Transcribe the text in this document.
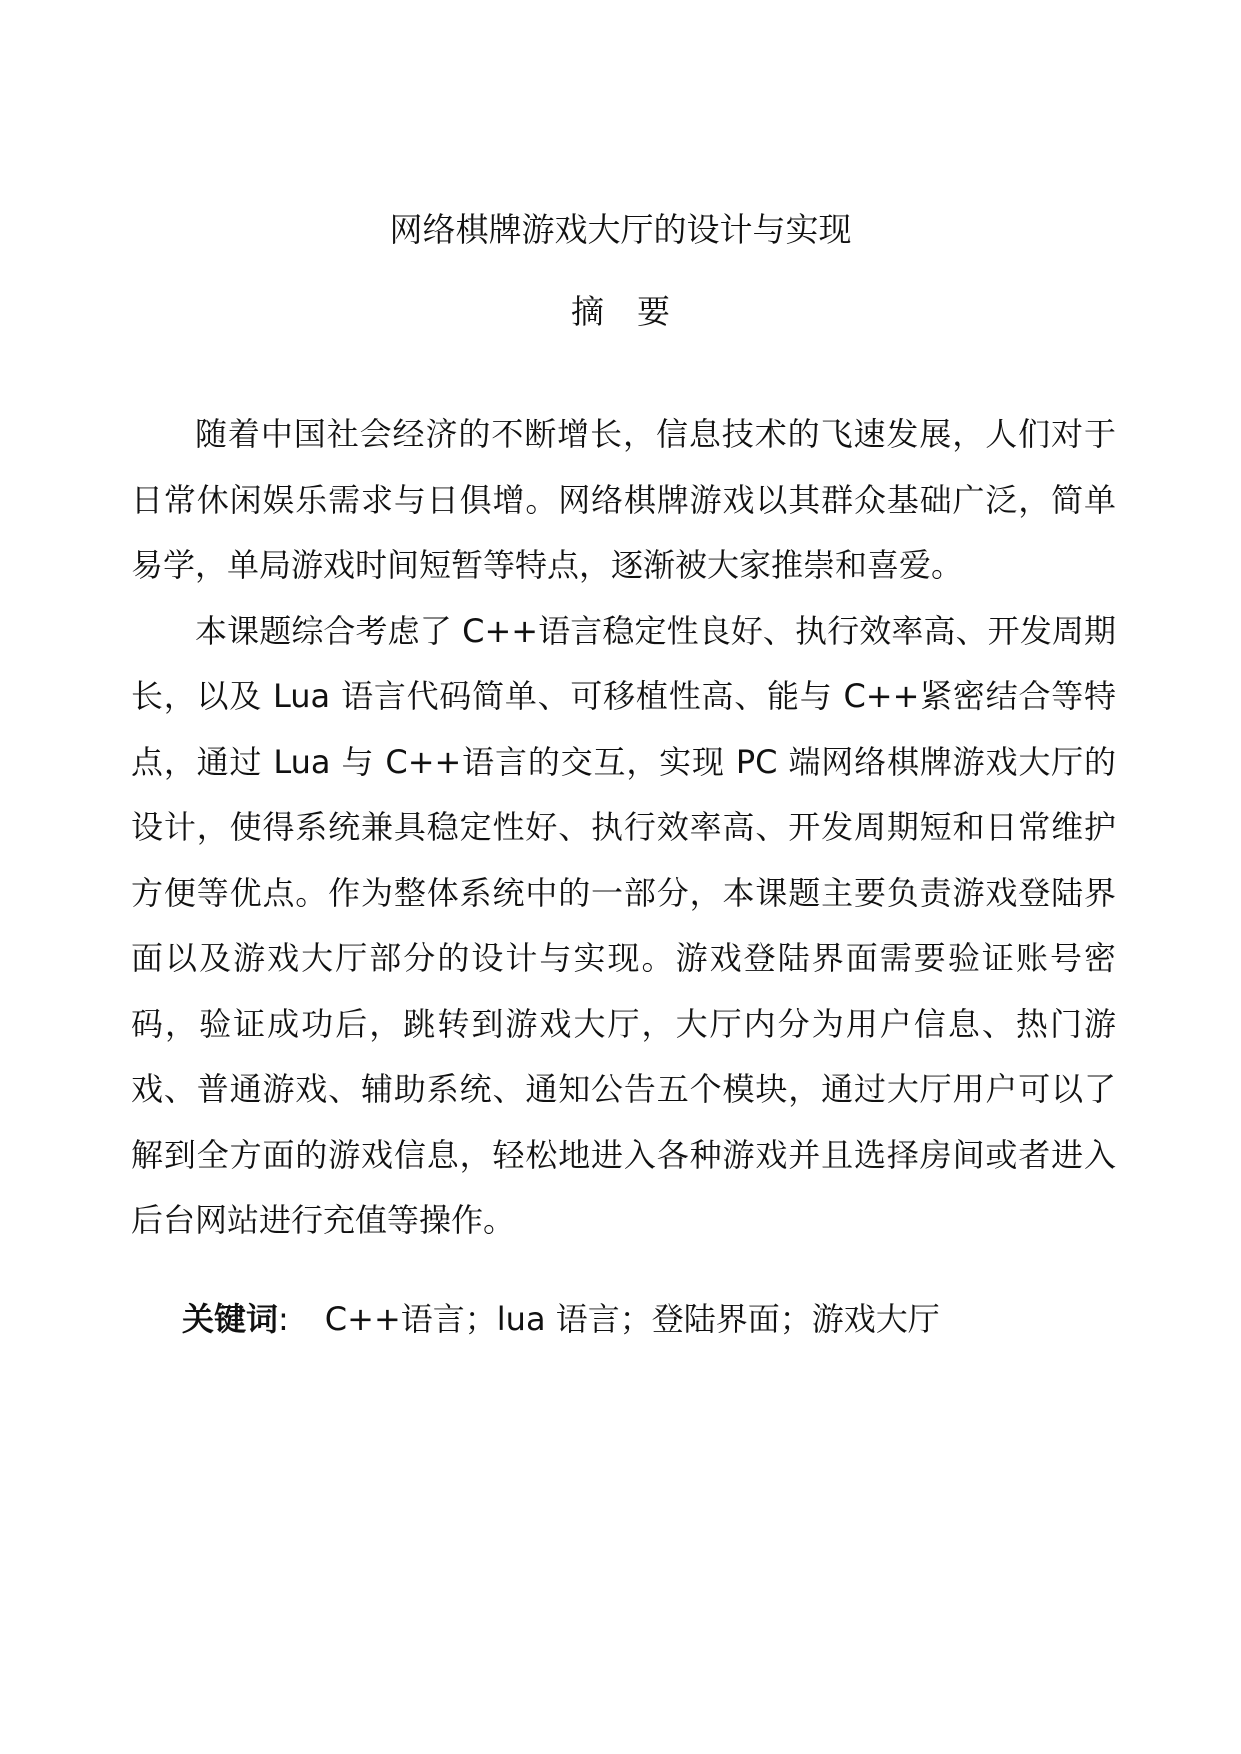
网络棋牌游戏大厅的设计与实现
摘　要

随着中国社会经济的不断增长，信息技术的飞速发展，人们对于日常休闲娱乐需求与日俱增。网络棋牌游戏以其群众基础广泛，简单易学，单局游戏时间短暂等特点，逐渐被大家推崇和喜爱。

本课题综合考虑了 C++语言稳定性良好、执行效率高、开发周期长，以及 Lua 语言代码简单、可移植性高、能与 C++紧密结合等特点，通过 Lua 与 C++语言的交互，实现 PC 端网络棋牌游戏大厅的设计，使得系统兼具稳定性好、执行效率高、开发周期短和日常维护方便等优点。作为整体系统中的一部分，本课题主要负责游戏登陆界面以及游戏大厅部分的设计与实现。游戏登陆界面需要验证账号密码，验证成功后，跳转到游戏大厅，大厅内分为用户信息、热门游戏、普通游戏、辅助系统、通知公告五个模块，通过大厅用户可以了解到全方面的游戏信息，轻松地进入各种游戏并且选择房间或者进入后台网站进行充值等操作。

关键词: C++语言；lua 语言；登陆界面；游戏大厅
